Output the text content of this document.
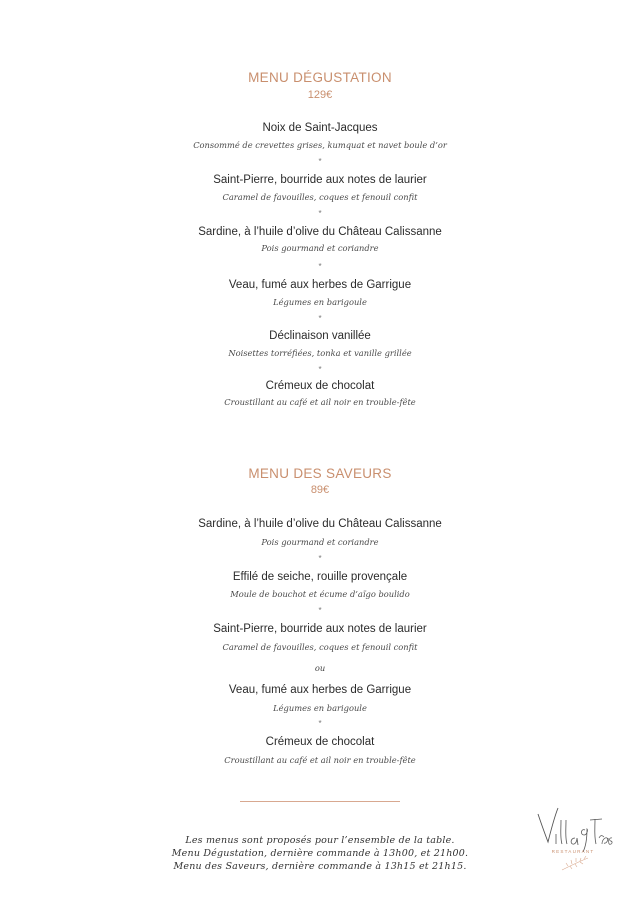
MENU DÉGUSTATION
129€
Noix de Saint-Jacques
Consommé de crevettes grises, kumquat et navet boule d’or
*
Saint-Pierre, bourride aux notes de laurier
Caramel de favouilles, coques et fenouil confit
*
Sardine, à l’huile d’olive du Château Calissanne
Pois gourmand et coriandre
*
Veau, fumé aux herbes de Garrigue
Légumes en barigoule
*
Déclinaison vanillée
Noisettes torréfiées, tonka et vanille grillée
*
Crémeux de chocolat
Croustillant au café et ail noir en trouble-fête
MENU DES SAVEURS
89€
Sardine, à l’huile d’olive du Château Calissanne
Pois gourmand et coriandre
*
Effilé de seiche, rouille provençale
Moule de bouchot et écume d’aïgo boulido
*
Saint-Pierre, bourride aux notes de laurier
Caramel de favouilles, coques et fenouil confit
ou
Veau, fumé aux herbes de Garrigue
Légumes en barigoule
*
Crémeux de chocolat
Croustillant au café et ail noir en trouble-fête
Les menus sont proposés pour l’ensemble de la table.
Menu Dégustation, dernière commande à 13h00, et 21h00.
Menu des Saveurs, dernière commande à 13h15 et 21h15.
RESTAURANT
